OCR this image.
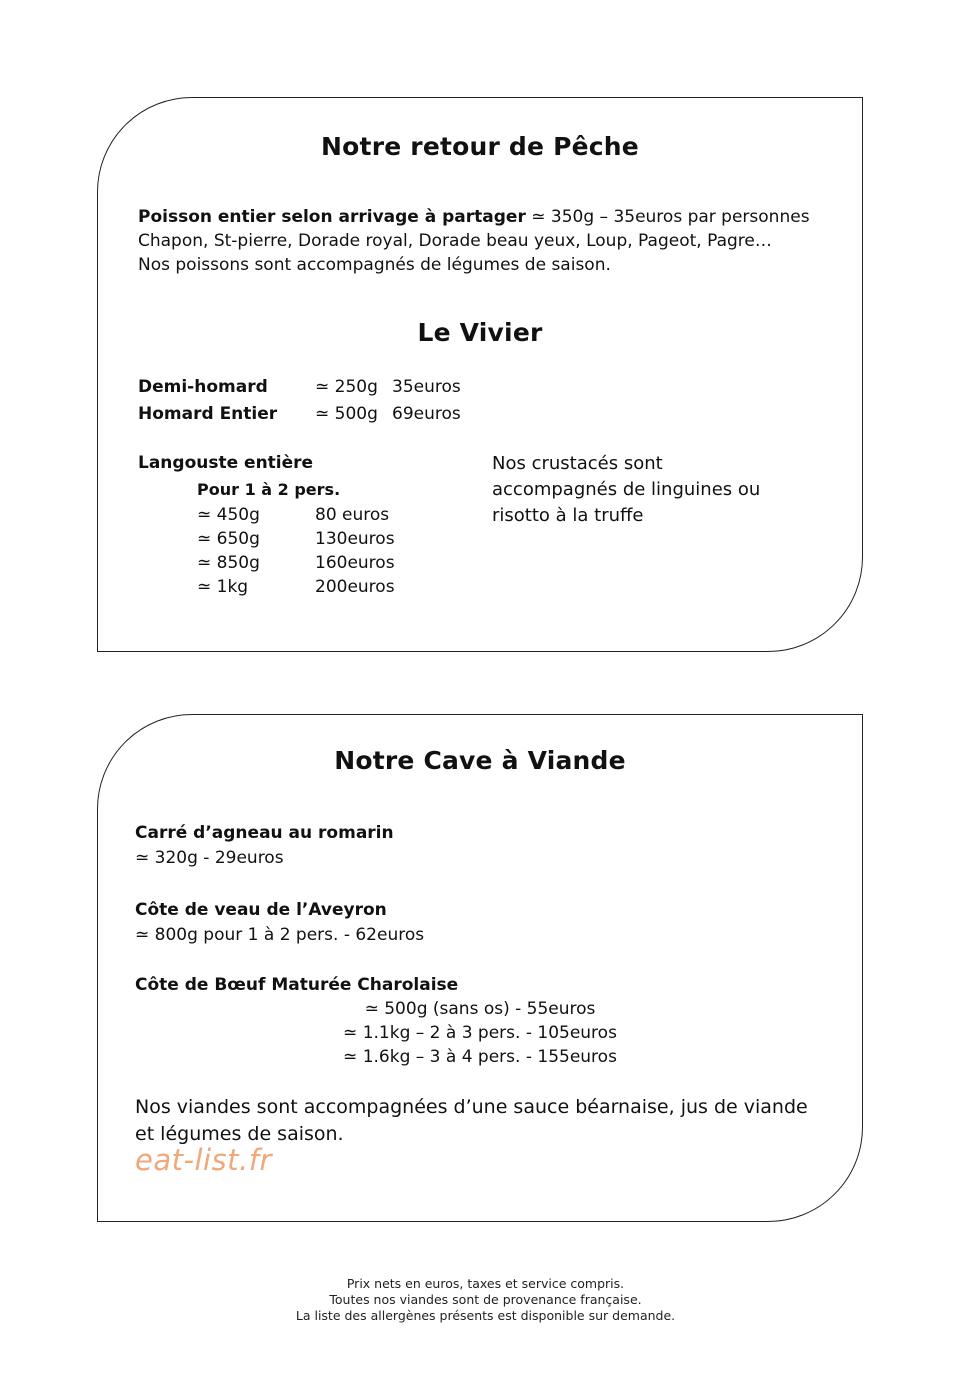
Notre retour de Pêche
Poisson entier selon arrivage à partager ≃ 350g – 35euros par personnes
Chapon, St-pierre, Dorade royal, Dorade beau yeux, Loup, Pageot, Pagre…
Nos poissons sont accompagnés de légumes de saison.
Le Vivier
Demi-homard	≃ 250g 35euros
Homard Entier ≃ 500g 69euros
Langouste entière
Pour 1 à 2 pers.
≃ 450g	80 euros
≃ 650g	130euros
≃ 850g	160euros
≃ 1kg	200euros
Nos crustacés sont
accompagnés de linguines ou
risotto à la truffe
Notre Cave à Viande
Carré d’agneau au romarin
≃ 320g - 29euros
Côte de veau de l’Aveyron
≃ 800g pour 1 à 2 pers. - 62euros
Côte de Bœuf Maturée Charolaise
≃ 500g (sans os) - 55euros
≃ 1.1kg – 2 à 3 pers. - 105euros
≃ 1.6kg – 3 à 4 pers. - 155euros
Nos viandes sont accompagnées d’une sauce béarnaise, jus de viande
et légumes de saison.
eat-list.fr
Prix nets en euros, taxes et service compris.
Toutes nos viandes sont de provenance française.
La liste des allergènes présents est disponible sur demande.
